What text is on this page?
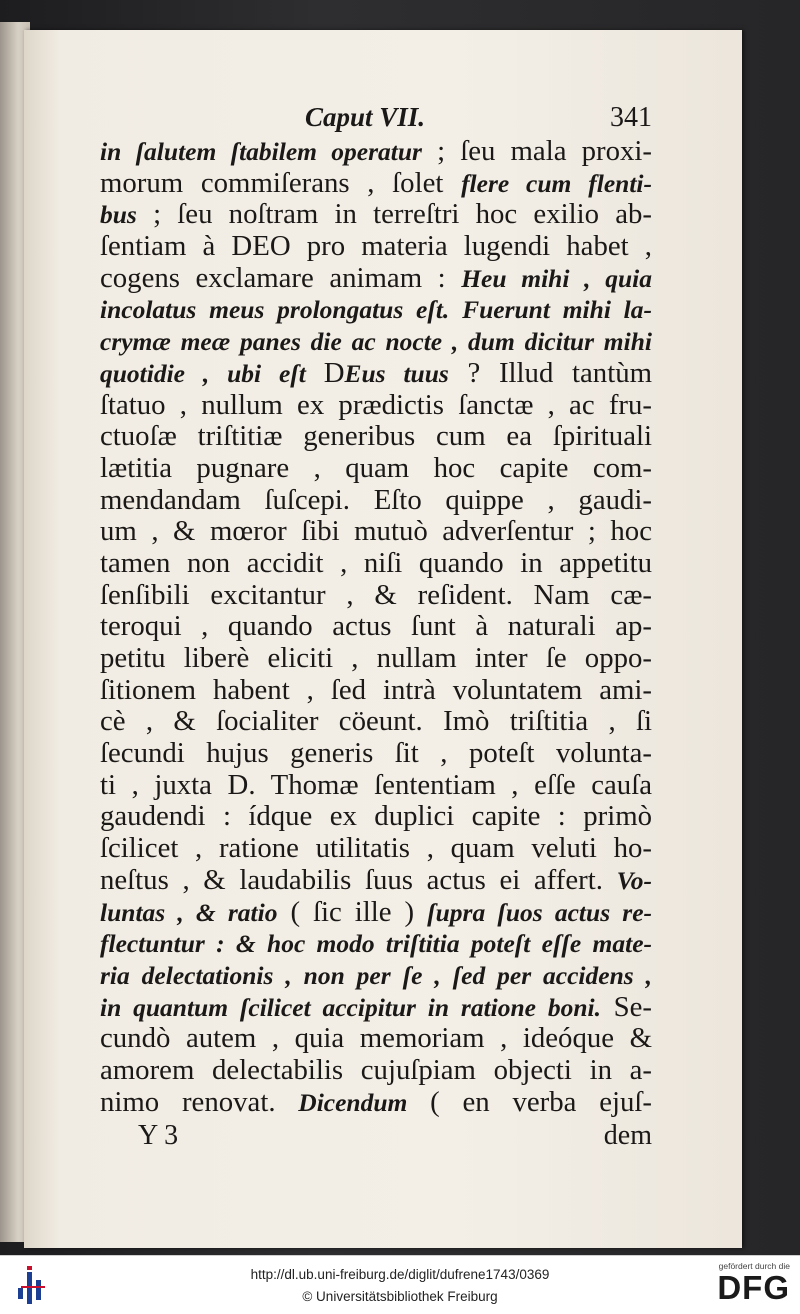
Caput VII.	341
in ſalutem ſtabilem operatur ; ſeu mala proxi-
morum commiſerans , ſolet flere cum flenti-
bus ; ſeu noſtram in terreſtri hoc exilio ab-
ſentiam à DEO pro materia lugendi habet ,
cogens exclamare animam : Heu mihi , quia
incolatus meus prolongatus eſt. Fuerunt mihi la-
crymæ meæ panes die ac nocte , dum dicitur mihi
quotidie , ubi eſt DEus tuus ? Illud tantùm
ſtatuo , nullum ex prædictis ſanctæ , ac fru-
ctuoſæ triſtitiæ generibus cum ea ſpirituali
lætitia pugnare , quam hoc capite com-
mendandam ſuſcepi. Eſto quippe , gaudi-
um , & mœror ſibi mutuò adverſentur ; hoc
tamen non accidit , niſi quando in appetitu
ſenſibili excitantur , & reſident. Nam cæ-
teroqui , quando actus ſunt à naturali ap-
petitu liberè eliciti , nullam inter ſe oppo-
ſitionem habent , ſed intrà voluntatem ami-
cè , & ſocialiter cöeunt. Imò triſtitia , ſi
ſecundi hujus generis ſit , poteſt volunta-
ti , juxta D. Thomæ ſententiam , eſſe cauſa
gaudendi : ídque ex duplici capite : primò
ſcilicet , ratione utilitatis , quam veluti ho-
neſtus , & laudabilis ſuus actus ei affert. Vo-
luntas , & ratio ( ſic ille ) ſupra ſuos actus re-
flectuntur : & hoc modo triſtitia poteſt eſſe mate-
ria delectationis , non per ſe , ſed per accidens ,
in quantum ſcilicet accipitur in ratione boni. Se-
cundò autem , quia memoriam , ideóque &
amorem delectabilis cujuſpiam objecti in a-
nimo renovat. Dicendum ( en verba ejuſ-
Y 3	dem
http://dl.ub.uni-freiburg.de/diglit/dufrene1743/0369
© Universitätsbibliothek Freiburg
gefördert durch die
DFG
